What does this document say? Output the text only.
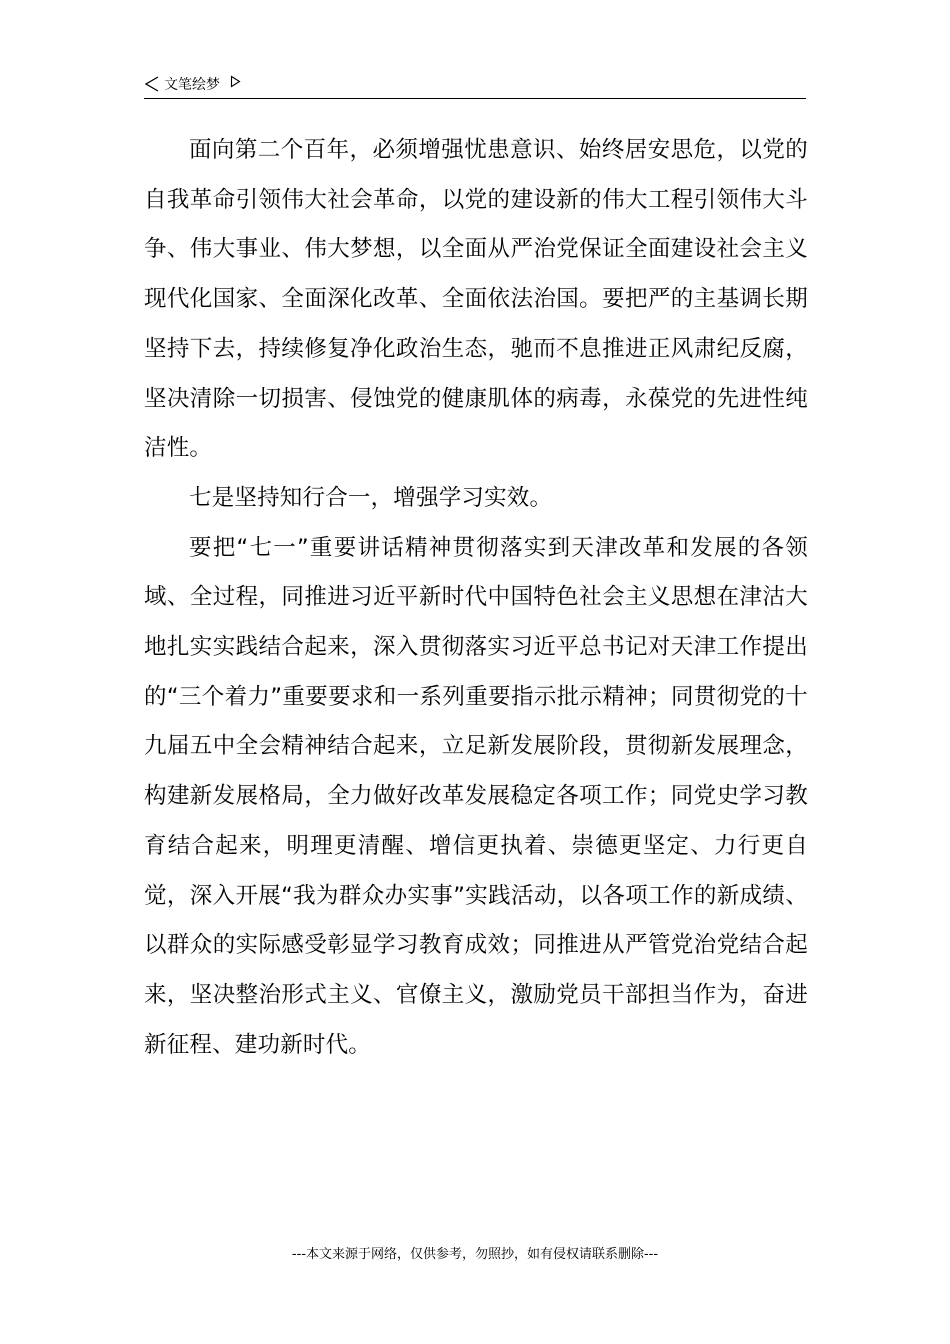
文笔绘梦

面向第二个百年，必须增强忧患意识、始终居安思危，以党的自我革命引领伟大社会革命，以党的建设新的伟大工程引领伟大斗争、伟大事业、伟大梦想，以全面从严治党保证全面建设社会主义现代化国家、全面深化改革、全面依法治国。要把严的主基调长期坚持下去，持续修复净化政治生态，驰而不息推进正风肃纪反腐，坚决清除一切损害、侵蚀党的健康肌体的病毒，永葆党的先进性纯洁性。

七是坚持知行合一，增强学习实效。

要把“七一”重要讲话精神贯彻落实到天津改革和发展的各领域、全过程，同推进习近平新时代中国特色社会主义思想在津沽大地扎实实践结合起来，深入贯彻落实习近平总书记对天津工作提出的“三个着力”重要要求和一系列重要指示批示精神；同贯彻党的十九届五中全会精神结合起来，立足新发展阶段，贯彻新发展理念，构建新发展格局，全力做好改革发展稳定各项工作；同党史学习教育结合起来，明理更清醒、增信更执着、崇德更坚定、力行更自觉，深入开展“我为群众办实事”实践活动，以各项工作的新成绩、以群众的实际感受彰显学习教育成效；同推进从严管党治党结合起来，坚决整治形式主义、官僚主义，激励党员干部担当作为，奋进新征程、建功新时代。

---本文来源于网络，仅供参考，勿照抄，如有侵权请联系删除---
